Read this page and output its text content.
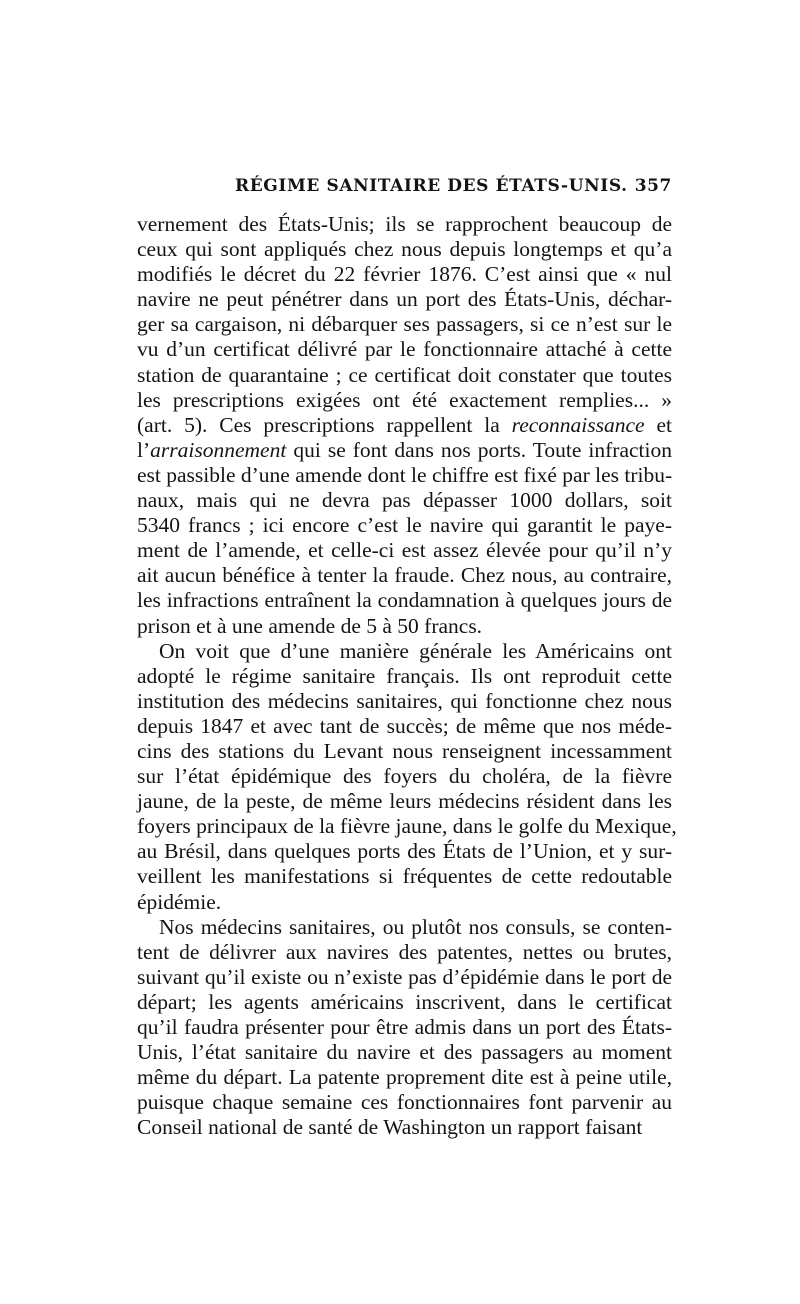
RÉGIME SANITAIRE DES ÉTATS-UNIS. 357

vernement des États-Unis; ils se rapprochent beaucoup de
ceux qui sont appliqués chez nous depuis longtemps et qu’a
modifiés le décret du 22 février 1876. C’est ainsi que « nul
navire ne peut pénétrer dans un port des États-Unis, déchar-
ger sa cargaison, ni débarquer ses passagers, si ce n’est sur le
vu d’un certificat délivré par le fonctionnaire attaché à cette
station de quarantaine ; ce certificat doit constater que toutes
les prescriptions exigées ont été exactement remplies... »
(art. 5). Ces prescriptions rappellent la reconnaissance et
l’arraisonnement qui se font dans nos ports. Toute infraction
est passible d’une amende dont le chiffre est fixé par les tribu-
naux, mais qui ne devra pas dépasser 1000 dollars, soit
5340 francs ; ici encore c’est le navire qui garantit le paye-
ment de l’amende, et celle-ci est assez élevée pour qu’il n’y
ait aucun bénéfice à tenter la fraude. Chez nous, au contraire,
les infractions entraînent la condamnation à quelques jours de
prison et à une amende de 5 à 50 francs.

On voit que d’une manière générale les Américains ont
adopté le régime sanitaire français. Ils ont reproduit cette
institution des médecins sanitaires, qui fonctionne chez nous
depuis 1847 et avec tant de succès; de même que nos méde-
cins des stations du Levant nous renseignent incessamment
sur l’état épidémique des foyers du choléra, de la fièvre
jaune, de la peste, de même leurs médecins résident dans les
foyers principaux de la fièvre jaune, dans le golfe du Mexique,
au Brésil, dans quelques ports des États de l’Union, et y sur-
veillent les manifestations si fréquentes de cette redoutable
épidémie.

Nos médecins sanitaires, ou plutôt nos consuls, se conten-
tent de délivrer aux navires des patentes, nettes ou brutes,
suivant qu’il existe ou n’existe pas d’épidémie dans le port de
départ; les agents américains inscrivent, dans le certificat
qu’il faudra présenter pour être admis dans un port des États-
Unis, l’état sanitaire du navire et des passagers au moment
même du départ. La patente proprement dite est à peine utile,
puisque chaque semaine ces fonctionnaires font parvenir au
Conseil national de santé de Washington un rapport faisant
